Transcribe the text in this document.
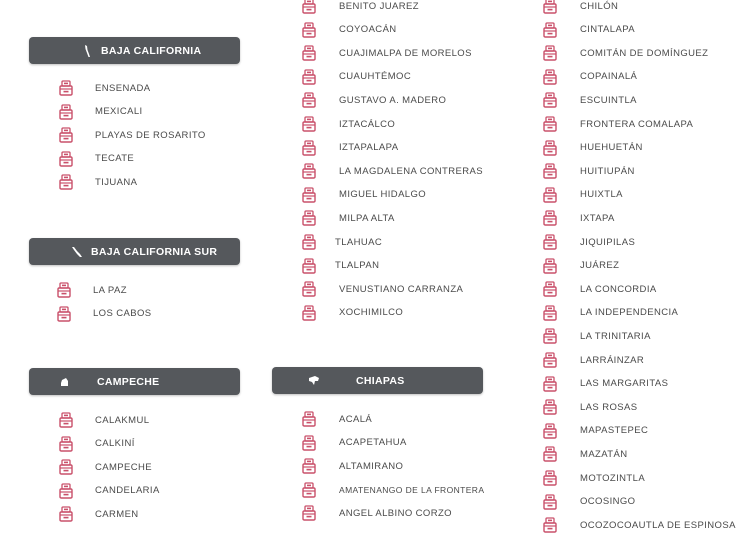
BAJA CALIFORNIA
BAJA CALIFORNIA SUR
CAMPECHE	CHIAPAS
ENSENADA
MEXICALI
PLAYAS DE ROSARITO
TECATE
TIJUANA
LA PAZ
LOS CABOS
CALAKMUL
CALKINÍ
CAMPECHE
CANDELARIA
CARMEN
BENITO JUAREZ
COYOACÁN
CUAJIMALPA DE MORELOS
CUAUHTÉMOC
GUSTAVO A. MADERO
IZTACÁLCO
IZTAPALAPA
LA MAGDALENA CONTRERAS
MIGUEL HIDALGO
MILPA ALTA
TLAHUAC
TLALPAN
VENUSTIANO CARRANZA
XOCHIMILCO
ACALÁ
ACAPETAHUA
ALTAMIRANO
AMATENANGO DE LA FRONTERA
ANGEL ALBINO CORZO
CHILÓN
CINTALAPA
COMITÁN DE DOMÍNGUEZ
COPAINALÁ
ESCUINTLA
FRONTERA COMALAPA
HUEHUETÁN
HUITIUPÁN
HUIXTLA
IXTAPA
JIQUIPILAS
JUÁREZ
LA CONCORDIA
LA INDEPENDENCIA
LA TRINITARIA
LARRÁINZAR
LAS MARGARITAS
LAS ROSAS
MAPASTEPEC
MAZATÁN
MOTOZINTLA
OCOSINGO
OCOZOCOAUTLA DE ESPINOSA
